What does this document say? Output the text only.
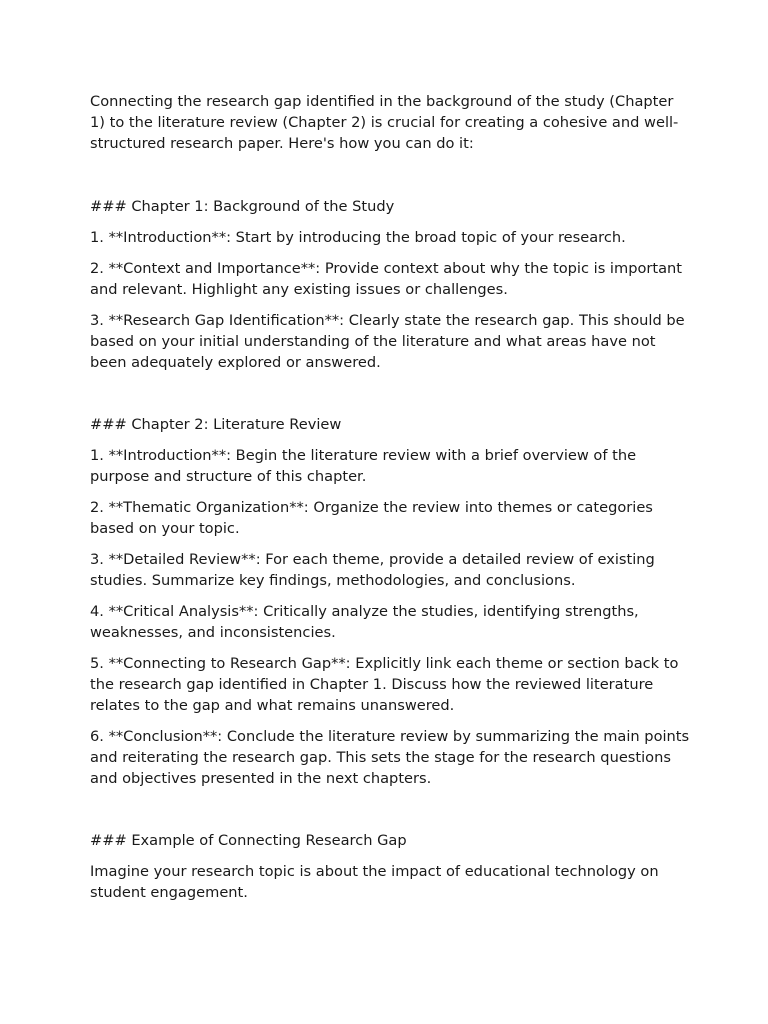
Connecting the research gap identified in the background of the study (Chapter 1) to the literature review (Chapter 2) is crucial for creating a cohesive and well-structured research paper. Here's how you can do it:

### Chapter 1: Background of the Study

1. **Introduction**: Start by introducing the broad topic of your research.

2. **Context and Importance**: Provide context about why the topic is important and relevant. Highlight any existing issues or challenges.

3. **Research Gap Identification**: Clearly state the research gap. This should be based on your initial understanding of the literature and what areas have not been adequately explored or answered.

### Chapter 2: Literature Review

1. **Introduction**: Begin the literature review with a brief overview of the purpose and structure of this chapter.

2. **Thematic Organization**: Organize the review into themes or categories based on your topic.

3. **Detailed Review**: For each theme, provide a detailed review of existing studies. Summarize key findings, methodologies, and conclusions.

4. **Critical Analysis**: Critically analyze the studies, identifying strengths, weaknesses, and inconsistencies.

5. **Connecting to Research Gap**: Explicitly link each theme or section back to the research gap identified in Chapter 1. Discuss how the reviewed literature relates to the gap and what remains unanswered.

6. **Conclusion**: Conclude the literature review by summarizing the main points and reiterating the research gap. This sets the stage for the research questions and objectives presented in the next chapters.

### Example of Connecting Research Gap

Imagine your research topic is about the impact of educational technology on student engagement.
